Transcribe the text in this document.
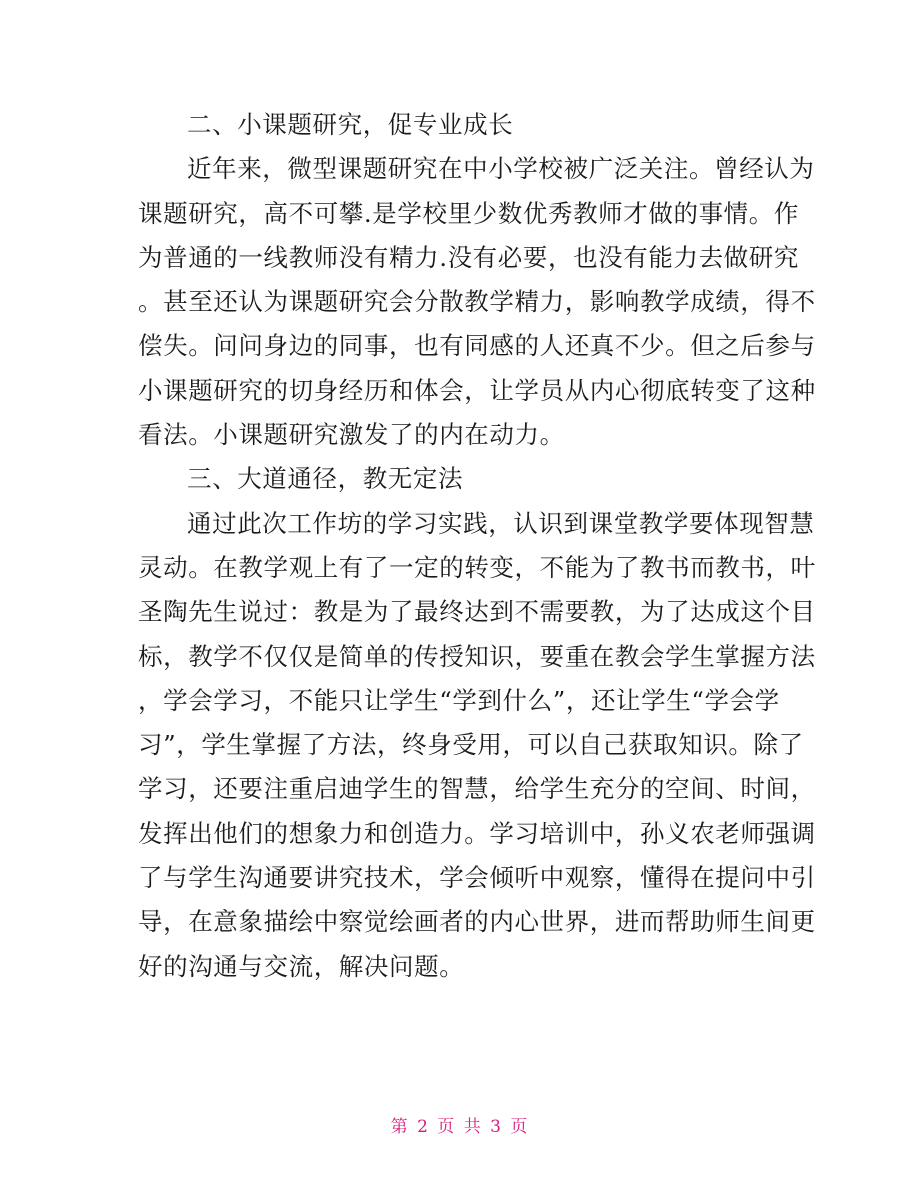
二、小课题研究，促专业成长
近年来，微型课题研究在中小学校被广泛关注。曾经认为
课题研究，高不可攀.是学校里少数优秀教师才做的事情。作
为普通的一线教师没有精力.没有必要，也没有能力去做研究
。甚至还认为课题研究会分散教学精力，影响教学成绩，得不
偿失。问问身边的同事，也有同感的人还真不少。但之后参与
小课题研究的切身经历和体会，让学员从内心彻底转变了这种
看法。小课题研究激发了的内在动力。
三、大道通径，教无定法
通过此次工作坊的学习实践，认识到课堂教学要体现智慧
灵动。在教学观上有了一定的转变，不能为了教书而教书，叶
圣陶先生说过：教是为了最终达到不需要教，为了达成这个目
标，教学不仅仅是简单的传授知识，要重在教会学生掌握方法
，学会学习，不能只让学生“学到什么”，还让学生“学会学
习”，学生掌握了方法，终身受用，可以自己获取知识。除了
学习，还要注重启迪学生的智慧，给学生充分的空间、时间，
发挥出他们的想象力和创造力。学习培训中，孙义农老师强调
了与学生沟通要讲究技术，学会倾听中观察，懂得在提问中引
导，在意象描绘中察觉绘画者的内心世界，进而帮助师生间更
好的沟通与交流，解决问题。
第 2 页 共 3 页
